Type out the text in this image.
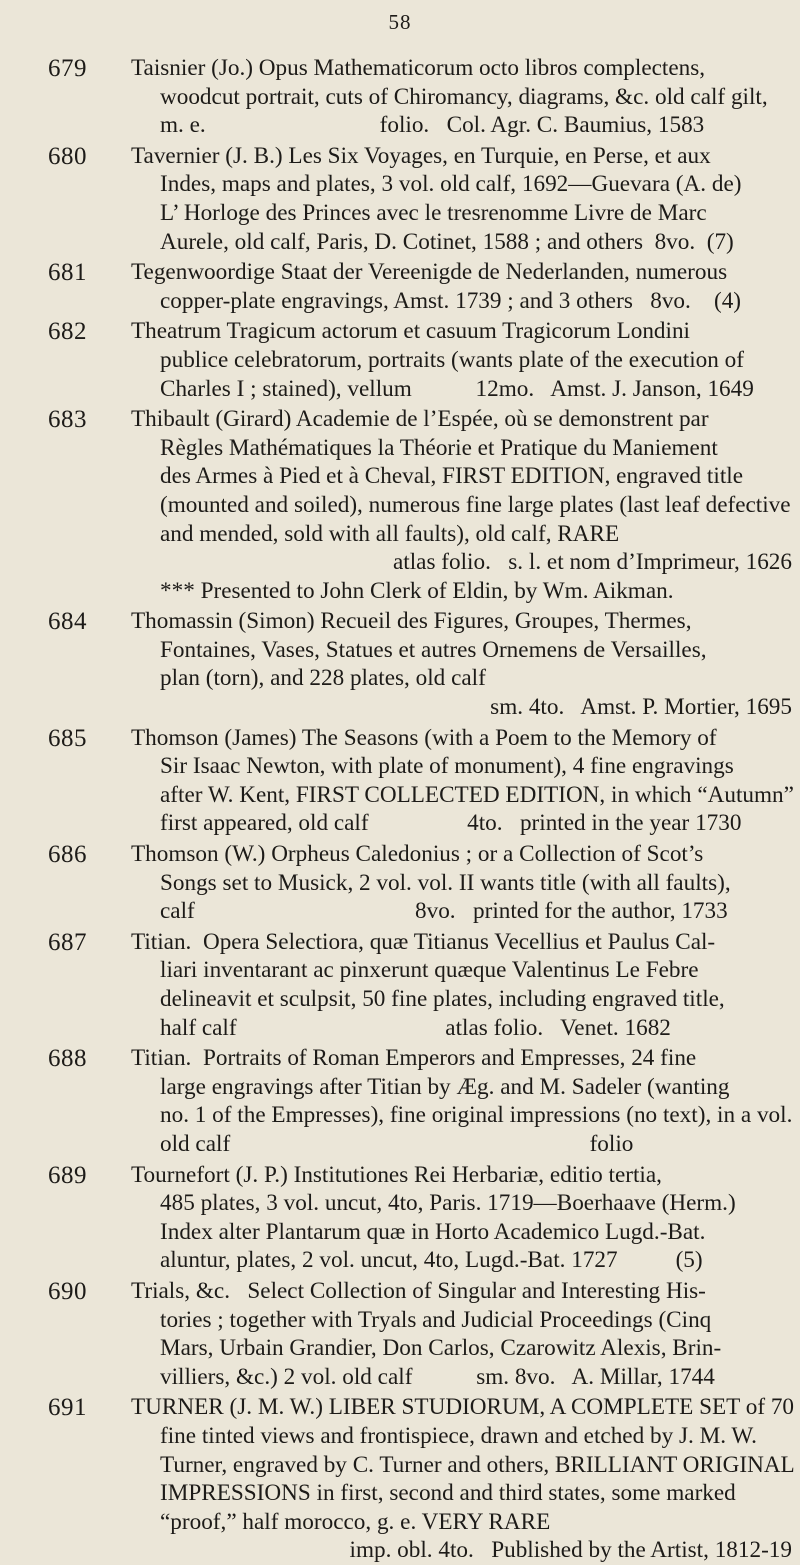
58
679	Taisnier (Jo.) Opus Mathematicorum octo libros complectens,
woodcut portrait, cuts of Chiromancy, diagrams, &c. old calf gilt,
m. e.                              folio.   Col. Agr. C. Baumius, 1583
680	Tavernier (J. B.) Les Six Voyages, en Turquie, en Perse, et aux
Indes, maps and plates, 3 vol. old calf, 1692—Guevara (A. de)
L’ Horloge des Princes avec le tresrenomme Livre de Marc
Aurele, old calf, Paris, D. Cotinet, 1588 ; and others  8vo.  (7)
681	Tegenwoordige Staat der Vereenigde de Nederlanden, numerous
copper-plate engravings, Amst. 1739 ; and 3 others   8vo.    (4)
682	Theatrum Tragicum actorum et casuum Tragicorum Londini
publice celebratorum, portraits (wants plate of the execution of
Charles I ; stained), vellum           12mo.   Amst. J. Janson, 1649
683	Thibault (Girard) Academie de l’Espée, où se demonstrent par
Règles Mathématiques la Théorie et Pratique du Maniement
des Armes à Pied et à Cheval, FIRST EDITION, engraved title
(mounted and soiled), numerous fine large plates (last leaf defective
and mended, sold with all faults), old calf, RARE
atlas folio.   s. l. et nom d’Imprimeur, 1626
*** Presented to John Clerk of Eldin, by Wm. Aikman.
684	Thomassin (Simon) Recueil des Figures, Groupes, Thermes,
Fontaines, Vases, Statues et autres Ornemens de Versailles,
plan (torn), and 228 plates, old calf
sm. 4to.   Amst. P. Mortier, 1695
685	Thomson (James) The Seasons (with a Poem to the Memory of
Sir Isaac Newton, with plate of monument), 4 fine engravings
after W. Kent, FIRST COLLECTED EDITION, in which “Autumn”
first appeared, old calf                 4to.   printed in the year 1730
686	Thomson (W.) Orpheus Caledonius ; or a Collection of Scot’s
Songs set to Musick, 2 vol. vol. II wants title (with all faults),
calf                                      8vo.   printed for the author, 1733
687	Titian.  Opera Selectiora, quæ Titianus Vecellius et Paulus Cal-
liari inventarant ac pinxerunt quæque Valentinus Le Febre
delineavit et sculpsit, 50 fine plates, including engraved title,
half calf                                    atlas folio.   Venet. 1682
688	Titian.  Portraits of Roman Emperors and Empresses, 24 fine
large engravings after Titian by Æg. and M. Sadeler (wanting
no. 1 of the Empresses), fine original impressions (no text), in a vol.
old calf                                                              folio
689	Tournefort (J. P.) Institutiones Rei Herbariæ, editio tertia,
485 plates, 3 vol. uncut, 4to, Paris. 1719—Boerhaave (Herm.)
Index alter Plantarum quæ in Horto Academico Lugd.-Bat.
aluntur, plates, 2 vol. uncut, 4to, Lugd.-Bat. 1727          (5)
690	Trials, &c.   Select Collection of Singular and Interesting His-
tories ; together with Tryals and Judicial Proceedings (Cinq
Mars, Urbain Grandier, Don Carlos, Czarowitz Alexis, Brin-
villiers, &c.) 2 vol. old calf           sm. 8vo.   A. Millar, 1744
691	TURNER (J. M. W.) LIBER STUDIORUM, A COMPLETE SET of 70
fine tinted views and frontispiece, drawn and etched by J. M. W.
Turner, engraved by C. Turner and others, BRILLIANT ORIGINAL
IMPRESSIONS in first, second and third states, some marked
“proof,” half morocco, g. e. VERY RARE
imp. obl. 4to.   Published by the Artist, 1812-19
